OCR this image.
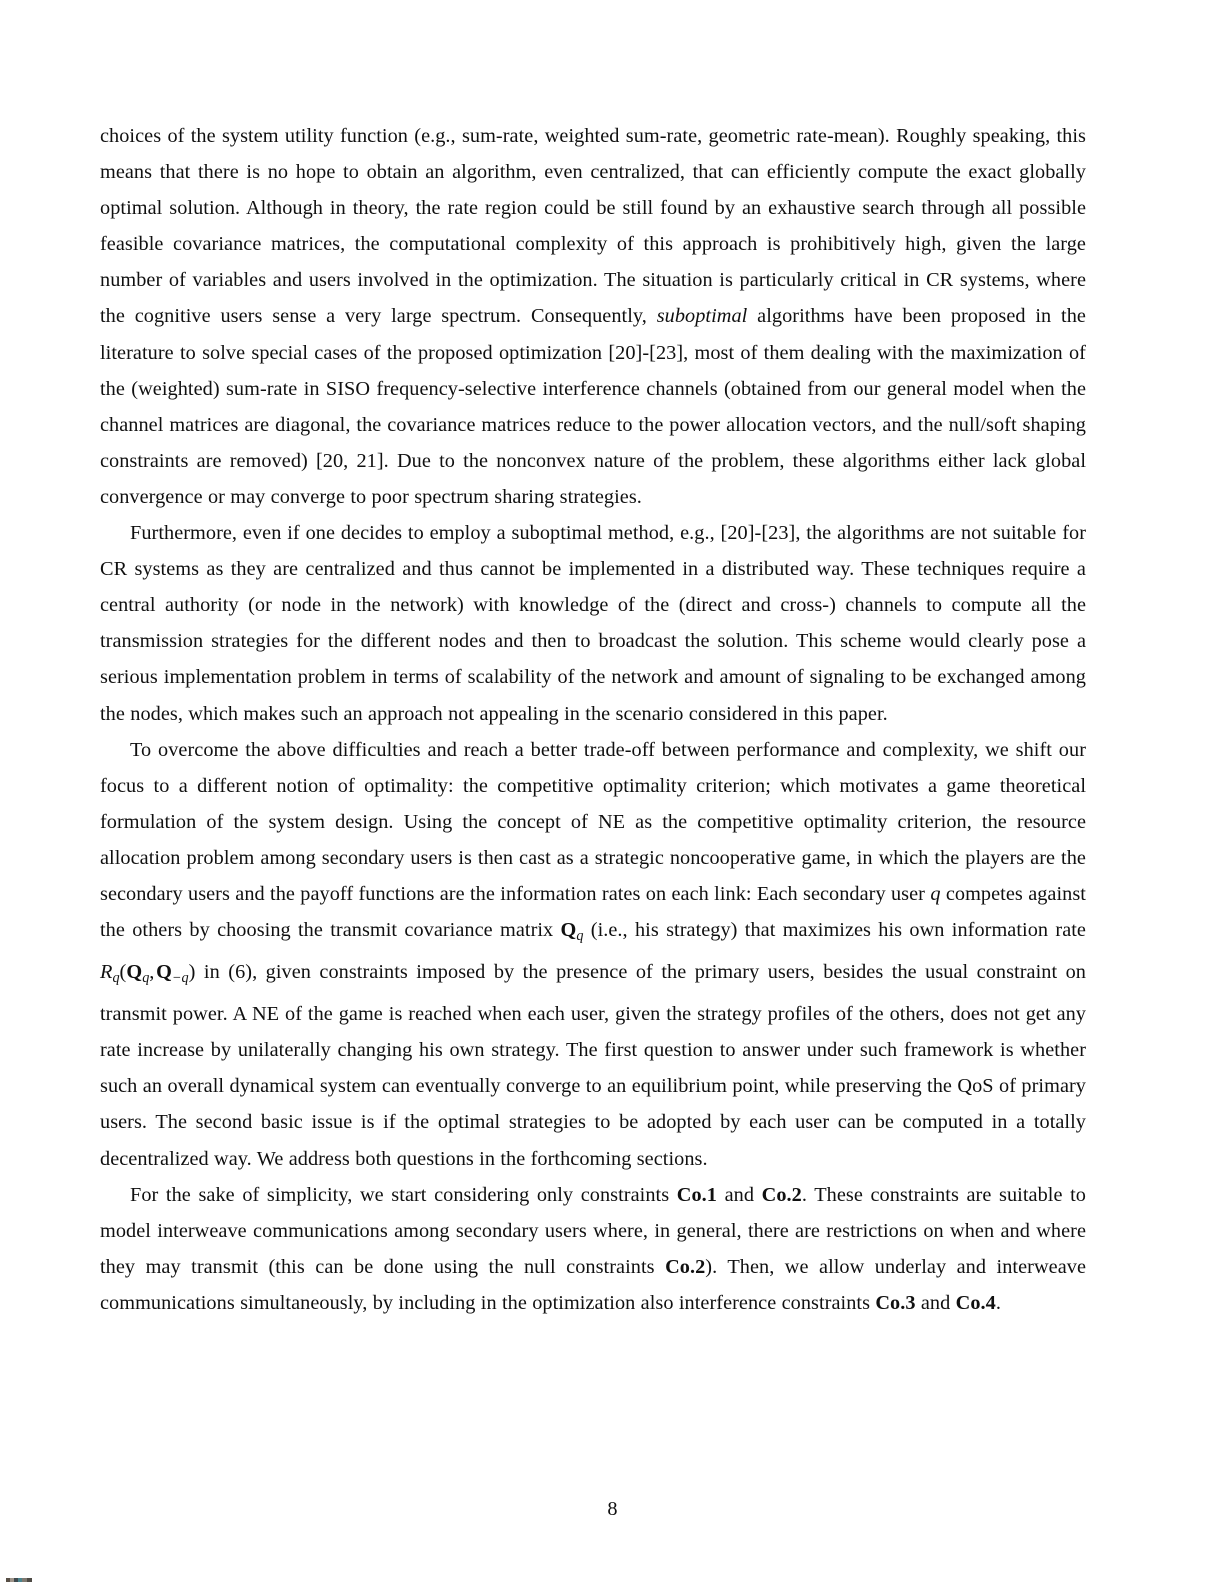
choices of the system utility function (e.g., sum-rate, weighted sum-rate, geometric rate-mean). Roughly speaking, this means that there is no hope to obtain an algorithm, even centralized, that can efficiently compute the exact globally optimal solution. Although in theory, the rate region could be still found by an exhaustive search through all possible feasible covariance matrices, the computational complexity of this approach is prohibitively high, given the large number of variables and users involved in the optimization. The situation is particularly critical in CR systems, where the cognitive users sense a very large spectrum. Consequently, suboptimal algorithms have been proposed in the literature to solve special cases of the proposed optimization [20]-[23], most of them dealing with the maximization of the (weighted) sum-rate in SISO frequency-selective interference channels (obtained from our general model when the channel matrices are diagonal, the covariance matrices reduce to the power allocation vectors, and the null/soft shaping constraints are removed) [20, 21]. Due to the nonconvex nature of the problem, these algorithms either lack global convergence or may converge to poor spectrum sharing strategies.

Furthermore, even if one decides to employ a suboptimal method, e.g., [20]-[23], the algorithms are not suitable for CR systems as they are centralized and thus cannot be implemented in a distributed way. These techniques require a central authority (or node in the network) with knowledge of the (direct and cross-) channels to compute all the transmission strategies for the different nodes and then to broadcast the solution. This scheme would clearly pose a serious implementation problem in terms of scalability of the network and amount of signaling to be exchanged among the nodes, which makes such an approach not appealing in the scenario considered in this paper.

To overcome the above difficulties and reach a better trade-off between performance and complexity, we shift our focus to a different notion of optimality: the competitive optimality criterion; which motivates a game theoretical formulation of the system design. Using the concept of NE as the competitive optimality criterion, the resource allocation problem among secondary users is then cast as a strategic noncooperative game, in which the players are the secondary users and the payoff functions are the information rates on each link: Each secondary user q competes against the others by choosing the transmit covariance matrix Qq (i.e., his strategy) that maximizes his own information rate Rq(Qq, Q−q) in (6), given constraints imposed by the presence of the primary users, besides the usual constraint on transmit power. A NE of the game is reached when each user, given the strategy profiles of the others, does not get any rate increase by unilaterally changing his own strategy. The first question to answer under such framework is whether such an overall dynamical system can eventually converge to an equilibrium point, while preserving the QoS of primary users. The second basic issue is if the optimal strategies to be adopted by each user can be computed in a totally decentralized way. We address both questions in the forthcoming sections.

For the sake of simplicity, we start considering only constraints Co.1 and Co.2. These constraints are suitable to model interweave communications among secondary users where, in general, there are restrictions on when and where they may transmit (this can be done using the null constraints Co.2). Then, we allow underlay and interweave communications simultaneously, by including in the optimization also interference constraints Co.3 and Co.4.

8
